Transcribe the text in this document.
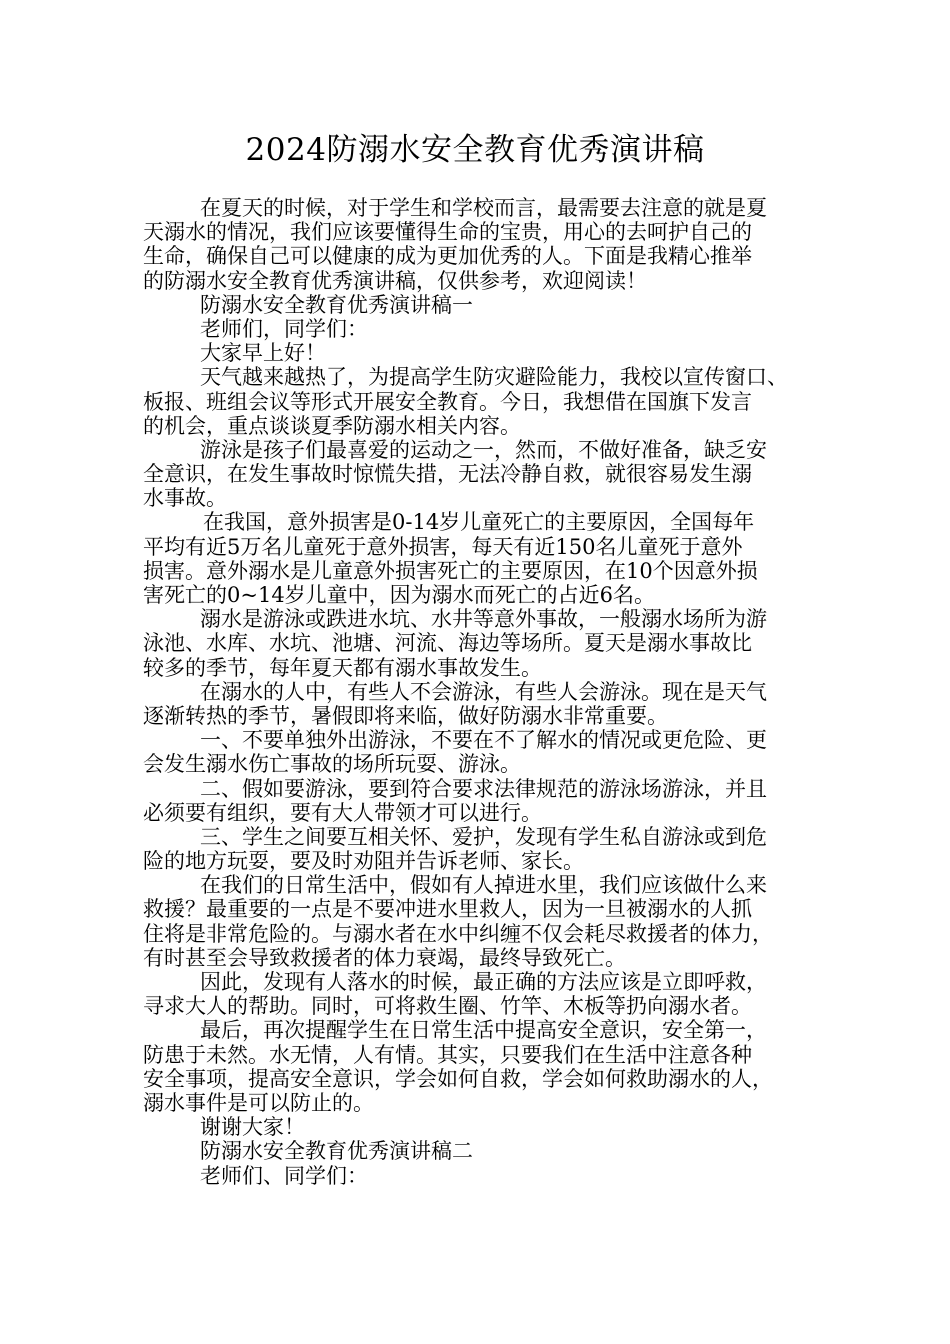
2024防溺水安全教育优秀演讲稿
在夏天的时候，对于学生和学校而言，最需要去注意的就是夏
天溺水的情况，我们应该要懂得生命的宝贵，用心的去呵护自己的
生命，确保自己可以健康的成为更加优秀的人。下面是我精心推举
的防溺水安全教育优秀演讲稿，仅供参考，欢迎阅读！
防溺水安全教育优秀演讲稿一
老师们，同学们：
大家早上好！
天气越来越热了，为提高学生防灾避险能力，我校以宣传窗口、
板报、班组会议等形式开展安全教育。今日，我想借在国旗下发言
的机会，重点谈谈夏季防溺水相关内容。
游泳是孩子们最喜爱的运动之一，然而，不做好准备，缺乏安
全意识，在发生事故时惊慌失措，无法冷静自救，就很容易发生溺
水事故。
在我国，意外损害是0-14岁儿童死亡的主要原因，全国每年
平均有近5万名儿童死于意外损害，每天有近150名儿童死于意外
损害。意外溺水是儿童意外损害死亡的主要原因，在10个因意外损
害死亡的0~14岁儿童中，因为溺水而死亡的占近6名。
溺水是游泳或跌进水坑、水井等意外事故，一般溺水场所为游
泳池、水库、水坑、池塘、河流、海边等场所。夏天是溺水事故比
较多的季节，每年夏天都有溺水事故发生。
在溺水的人中，有些人不会游泳，有些人会游泳。现在是天气
逐渐转热的季节，暑假即将来临，做好防溺水非常重要。
一、不要单独外出游泳，不要在不了解水的情况或更危险、更
会发生溺水伤亡事故的场所玩耍、游泳。
二、假如要游泳，要到符合要求法律规范的游泳场游泳，并且
必须要有组织，要有大人带领才可以进行。
三、学生之间要互相关怀、爱护，发现有学生私自游泳或到危
险的地方玩耍，要及时劝阻并告诉老师、家长。
在我们的日常生活中，假如有人掉进水里，我们应该做什么来
救援？最重要的一点是不要冲进水里救人，因为一旦被溺水的人抓
住将是非常危险的。与溺水者在水中纠缠不仅会耗尽救援者的体力，
有时甚至会导致救援者的体力衰竭，最终导致死亡。
因此，发现有人落水的时候，最正确的方法应该是立即呼救，
寻求大人的帮助。同时，可将救生圈、竹竿、木板等扔向溺水者。
最后，再次提醒学生在日常生活中提高安全意识，安全第一，
防患于未然。水无情，人有情。其实，只要我们在生活中注意各种
安全事项，提高安全意识，学会如何自救，学会如何救助溺水的人，
溺水事件是可以防止的。
谢谢大家！
防溺水安全教育优秀演讲稿二
老师们、同学们：
